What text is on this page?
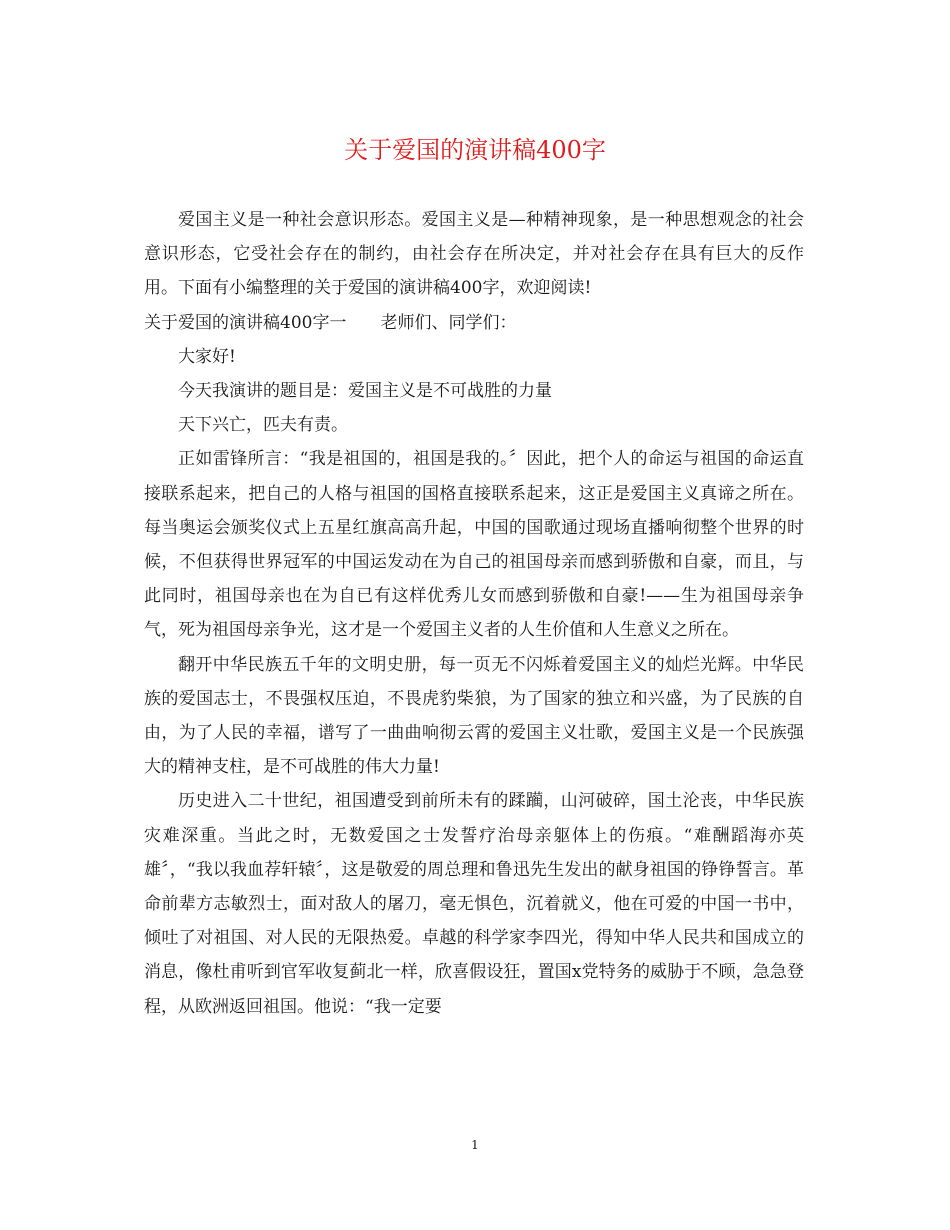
关于爱国的演讲稿400字

爱国主义是一种社会意识形态。爱国主义是—种精神现象，是一种思想观念的社会意识形态，它受社会存在的制约，由社会存在所决定，并对社会存在具有巨大的反作用。下面有小编整理的关于爱国的演讲稿400字，欢迎阅读!

关于爱国的演讲稿400字一　　老师们、同学们：

大家好!

今天我演讲的题目是：爱国主义是不可战胜的力量

天下兴亡，匹夫有责。

正如雷锋所言：“我是祖国的，祖国是我的。〞因此，把个人的命运与祖国的命运直接联系起来，把自己的人格与祖国的国格直接联系起来，这正是爱国主义真谛之所在。每当奥运会颁奖仪式上五星红旗高高升起，中国的国歌通过现场直播响彻整个世界的时候，不但获得世界冠军的中国运发动在为自己的祖国母亲而感到骄傲和自豪，而且，与此同时，祖国母亲也在为自已有这样优秀儿女而感到骄傲和自豪!——生为祖国母亲争气，死为祖国母亲争光，这才是一个爱国主义者的人生价值和人生意义之所在。

翻开中华民族五千年的文明史册，每一页无不闪烁着爱国主义的灿烂光辉。中华民族的爱国志士，不畏强权压迫，不畏虎豹柴狼，为了国家的独立和兴盛，为了民族的自由，为了人民的幸福，谱写了一曲曲响彻云霄的爱国主义壮歌，爱国主义是一个民族强大的精神支柱，是不可战胜的伟大力量!

历史进入二十世纪，祖国遭受到前所未有的蹂躏，山河破碎，国土沦丧，中华民族灾难深重。当此之时，无数爱国之士发誓疗治母亲躯体上的伤痕。“难酬蹈海亦英雄〞，“我以我血荐轩辕〞，这是敬爱的周总理和鲁迅先生发出的献身祖国的铮铮誓言。革命前辈方志敏烈士，面对敌人的屠刀，毫无惧色，沉着就义，他在可爱的中国一书中，倾吐了对祖国、对人民的无限热爱。卓越的科学家李四光，得知中华人民共和国成立的消息，像杜甫听到官军收复蓟北一样，欣喜假设狂，置国x党特务的威胁于不顾，急急登程，从欧洲返回祖国。他说：“我一定要

1
